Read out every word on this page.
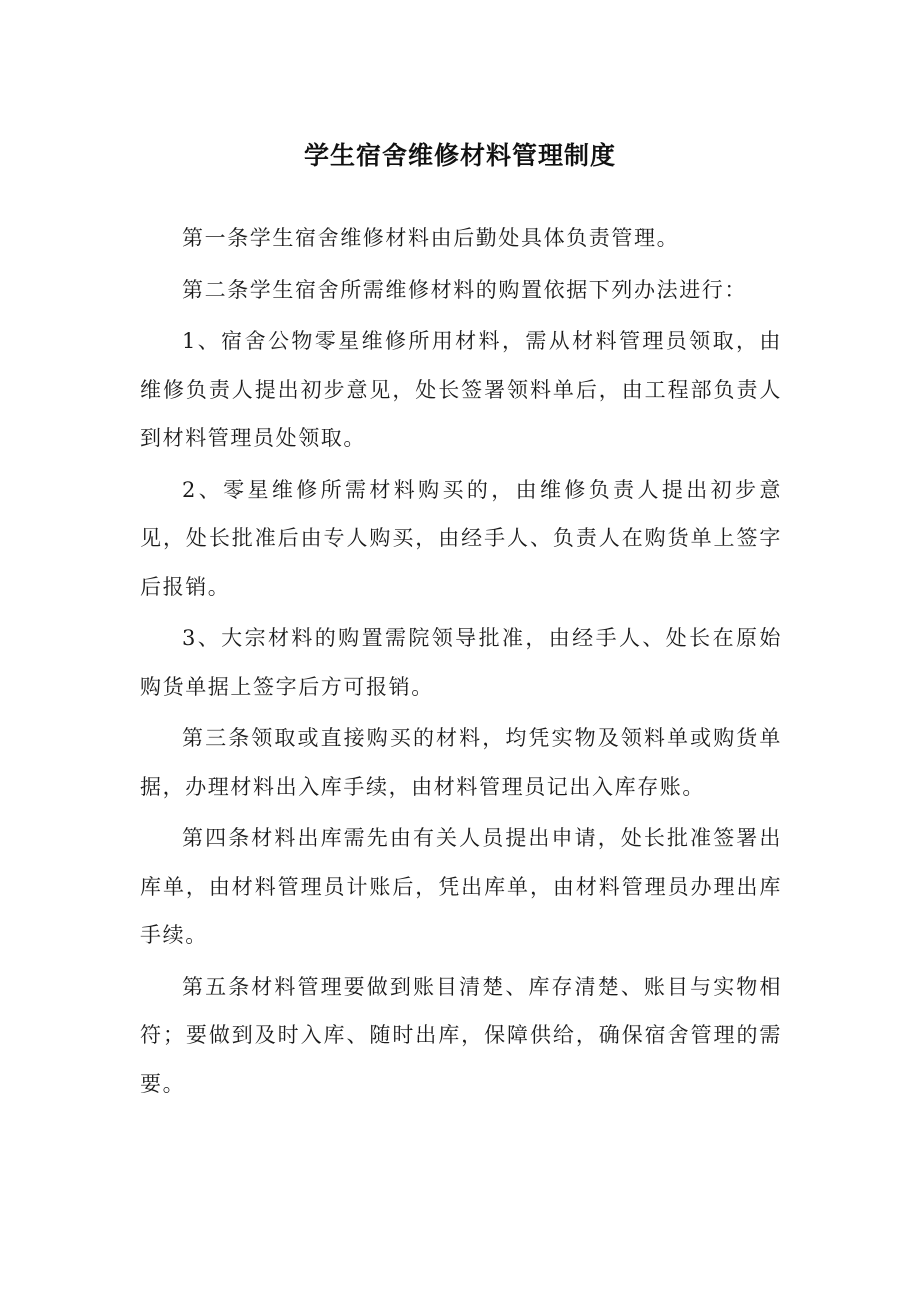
学生宿舍维修材料管理制度

第一条学生宿舍维修材料由后勤处具体负责管理。

第二条学生宿舍所需维修材料的购置依据下列办法进行：

1、宿舍公物零星维修所用材料，需从材料管理员领取，由维修负责人提出初步意见，处长签署领料单后，由工程部负责人到材料管理员处领取。

2、零星维修所需材料购买的，由维修负责人提出初步意见，处长批准后由专人购买，由经手人、负责人在购货单上签字后报销。

3、大宗材料的购置需院领导批准，由经手人、处长在原始购货单据上签字后方可报销。

第三条领取或直接购买的材料，均凭实物及领料单或购货单据，办理材料出入库手续，由材料管理员记出入库存账。

第四条材料出库需先由有关人员提出申请，处长批准签署出库单，由材料管理员计账后，凭出库单，由材料管理员办理出库手续。

第五条材料管理要做到账目清楚、库存清楚、账目与实物相符；要做到及时入库、随时出库，保障供给，确保宿舍管理的需要。
